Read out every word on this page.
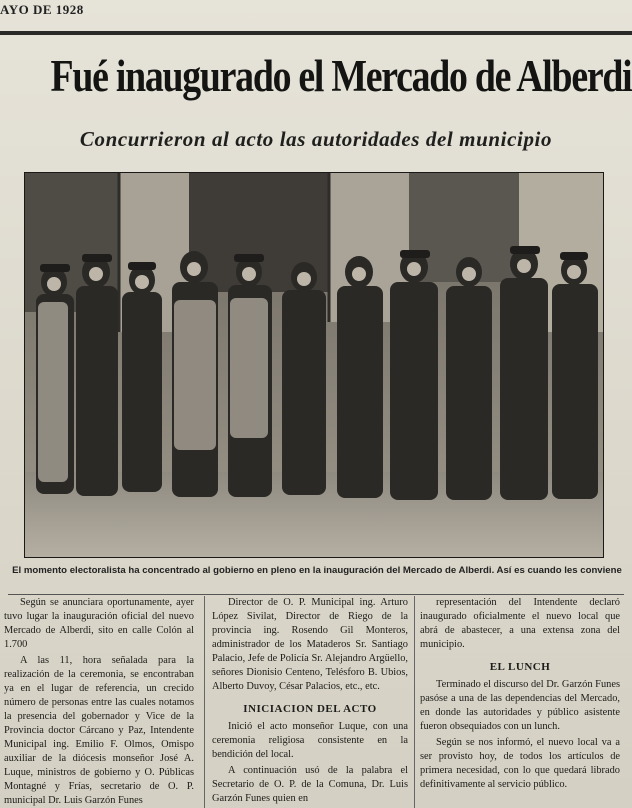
AYO DE 1928
Fué inaugurado el Mercado de Alberdi
Concurrieron al acto las autoridades del municipio
El momento electoralista ha concentrado al gobierno en pleno en la inauguración del Mercado de Alberdi. Así es cuando les conviene

Según se anunciara oportunamente, ayer tuvo lugar la inauguración oficial del nuevo Mercado de Alberdi, sito en calle Colón al 1.700

A las 11, hora señalada para la realización de la ceremonia, se encontraban ya en el lugar de referencia, un crecido número de personas entre las cuales notamos la presencia del gobernador y Vice de la Provincia doctor Cárcano y Paz, Intendente Municipal ing. Emilio F. Olmos, Omispo auxiliar de la diócesis monseñor José A. Luque, ministros de gobierno y O. Públicas Montagné y Frías, secretario de O. P. municipal Dr. Luis Garzón Funes

Director de O. P. Municipal ing. Arturo López Sivilat, Director de Riego de la provincia ing. Rosendo Gil Monteros, administrador de los Mataderos Sr. Santiago Palacio, Jefe de Policía Sr. Alejandro Argüello, señores Dionisio Centeno, Telésforo B. Ubios, Alberto Duvoy, César Palacios, etc., etc.

INICIACION DEL ACTO

Inició el acto monseñor Luque, con una ceremonia religiosa consistente en la bendición del local.

A continuación usó de la palabra el Secretario de O. P. de la Comuna, Dr. Luis Garzón Funes quien en

representación del Intendente declaró inaugurado oficialmente el nuevo local que abrá de abastecer, a una extensa zona del municipio.

EL LUNCH

Terminado el discurso del Dr. Garzón Funes pasóse a una de las dependencias del Mercado, en donde las autoridades y público asistente fueron obsequiados con un lunch.

Según se nos informó, el nuevo local va a ser provisto hoy, de todos los artículos de primera necesidad, con lo que quedará librado definitivamente al servicio público.
